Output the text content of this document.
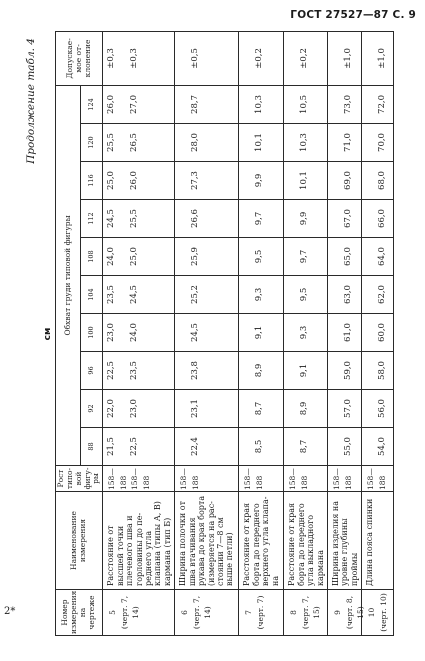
ГОСТ 27527—87 С. 9
2*
Продолжение табл. 4
см
Номер измерения на чертеже	Наименование измерения	Рост типовой фигуры	Обхват груди типовой фигуры										Допускаемое отклонение
			88	92	96	100	104	108	112	116	120	124	

5 (черт. 7, 14)	Расстояние от высшей точки плечевого шва и горловины до переднего угла клапана (типы А, В) кармана (тип Б)	158— 188 158— 188	21,5 22,5	22,0 23,0	22,5 23,5	23,0 24,0	23,5 24,5	24,0 25,0	24,5 25,5	25,0 26,0	25,5 26,5	26,0 27,0	±0,3 ±0,3

6 (черт. 7, 14)	Ширина полочки от шва втачивания рукава до края борта (измеряется на расстоянии 7—8 см выше петли)	158— 188	22,4	23,1	23,8	24,5	25,2	25,9	26,6	27,3	28,0	28,7	±0,5

7 (черт. 7)	Расстояние от края борта до переднего верхнего угла клапана	158— 188	8,5	8,7	8,9	9,1	9,3	9,5	9,7	9,9	10,1	10,3	±0,2

8 (черт. 7, 15)	Расстояние от края борта до переднего угла выкладного кармана	158— 188	8,7	8,9	9,1	9,3	9,5	9,7	9,9	10,1	10,3	10,5	±0,2

9 (черт. 8, 15)	Ширина изделия на уровне глубины проймы	158— 188	55,0	57,0	59,0	61,0	63,0	65,0	67,0	69,0	71,0	73,0	±1,0

10 (черт. 10)	Длина пояса спинки	158— 188	54,0	56,0	58,0	60,0	62,0	64,0	66,0	68,0	70,0	72,0	±1,0
